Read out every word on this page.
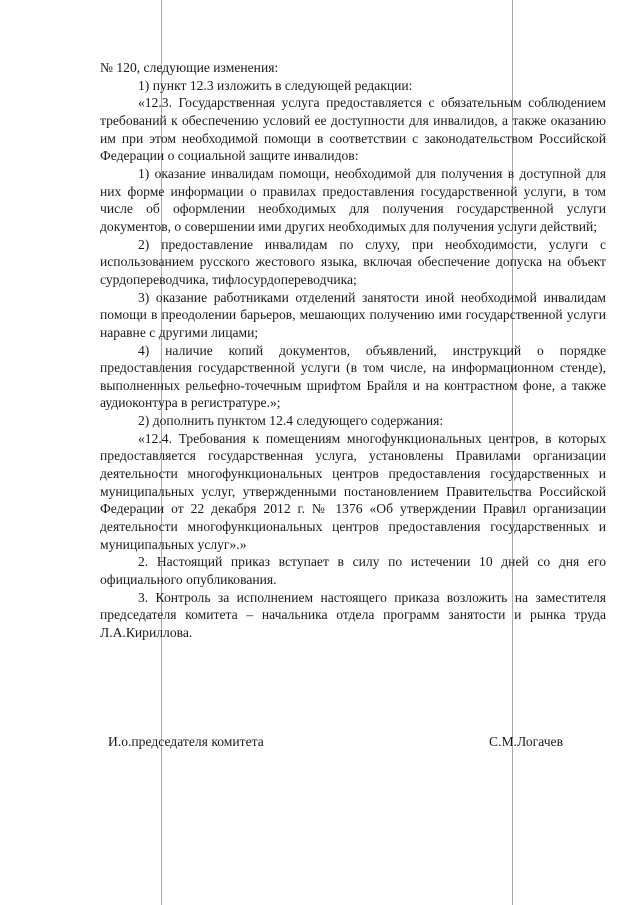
№ 120, следующие изменения:

1) пункт 12.3 изложить в следующей редакции:

«12.3. Государственная услуга предоставляется с обязательным соблюдением требований к обеспечению условий ее доступности для инвалидов, а также оказанию им при этом необходимой помощи в соответствии с законодательством Российской Федерации о социальной защите инвалидов:

1) оказание инвалидам помощи, необходимой для получения в доступной для них форме информации о правилах предоставления государственной услуги, в том числе об оформлении необходимых для получения государственной услуги документов, о совершении ими других необходимых для получения услуги действий;

2) предоставление инвалидам по слуху, при необходимости, услуги с использованием русского жестового языка, включая обеспечение допуска на объект сурдопереводчика, тифлосурдопереводчика;

3) оказание работниками отделений занятости иной необходимой инвалидам помощи в преодолении барьеров, мешающих получению ими государственной услуги наравне с другими лицами;

4) наличие копий документов, объявлений, инструкций о порядке предоставления государственной услуги (в том числе, на информационном стенде), выполненных рельефно-точечным шрифтом Брайля и на контрастном фоне, а также аудиоконтура в регистратуре.»;

2) дополнить пунктом 12.4 следующего содержания:

«12.4. Требования к помещениям многофункциональных центров, в которых предоставляется государственная услуга, установлены Правилами организации деятельности многофункциональных центров предоставления государственных и муниципальных услуг, утвержденными постановлением Правительства Российской Федерации от 22 декабря 2012 г. № 1376 «Об утверждении Правил организации деятельности многофункциональных центров предоставления государственных и муниципальных услуг».»

2. Настоящий приказ вступает в силу по истечении 10 дней со дня его официального опубликования.

3. Контроль за исполнением настоящего приказа возложить на заместителя председателя комитета – начальника отдела программ занятости и рынка труда Л.А.Кириллова.

И.о.председателя комитета	С.М.Логачев
